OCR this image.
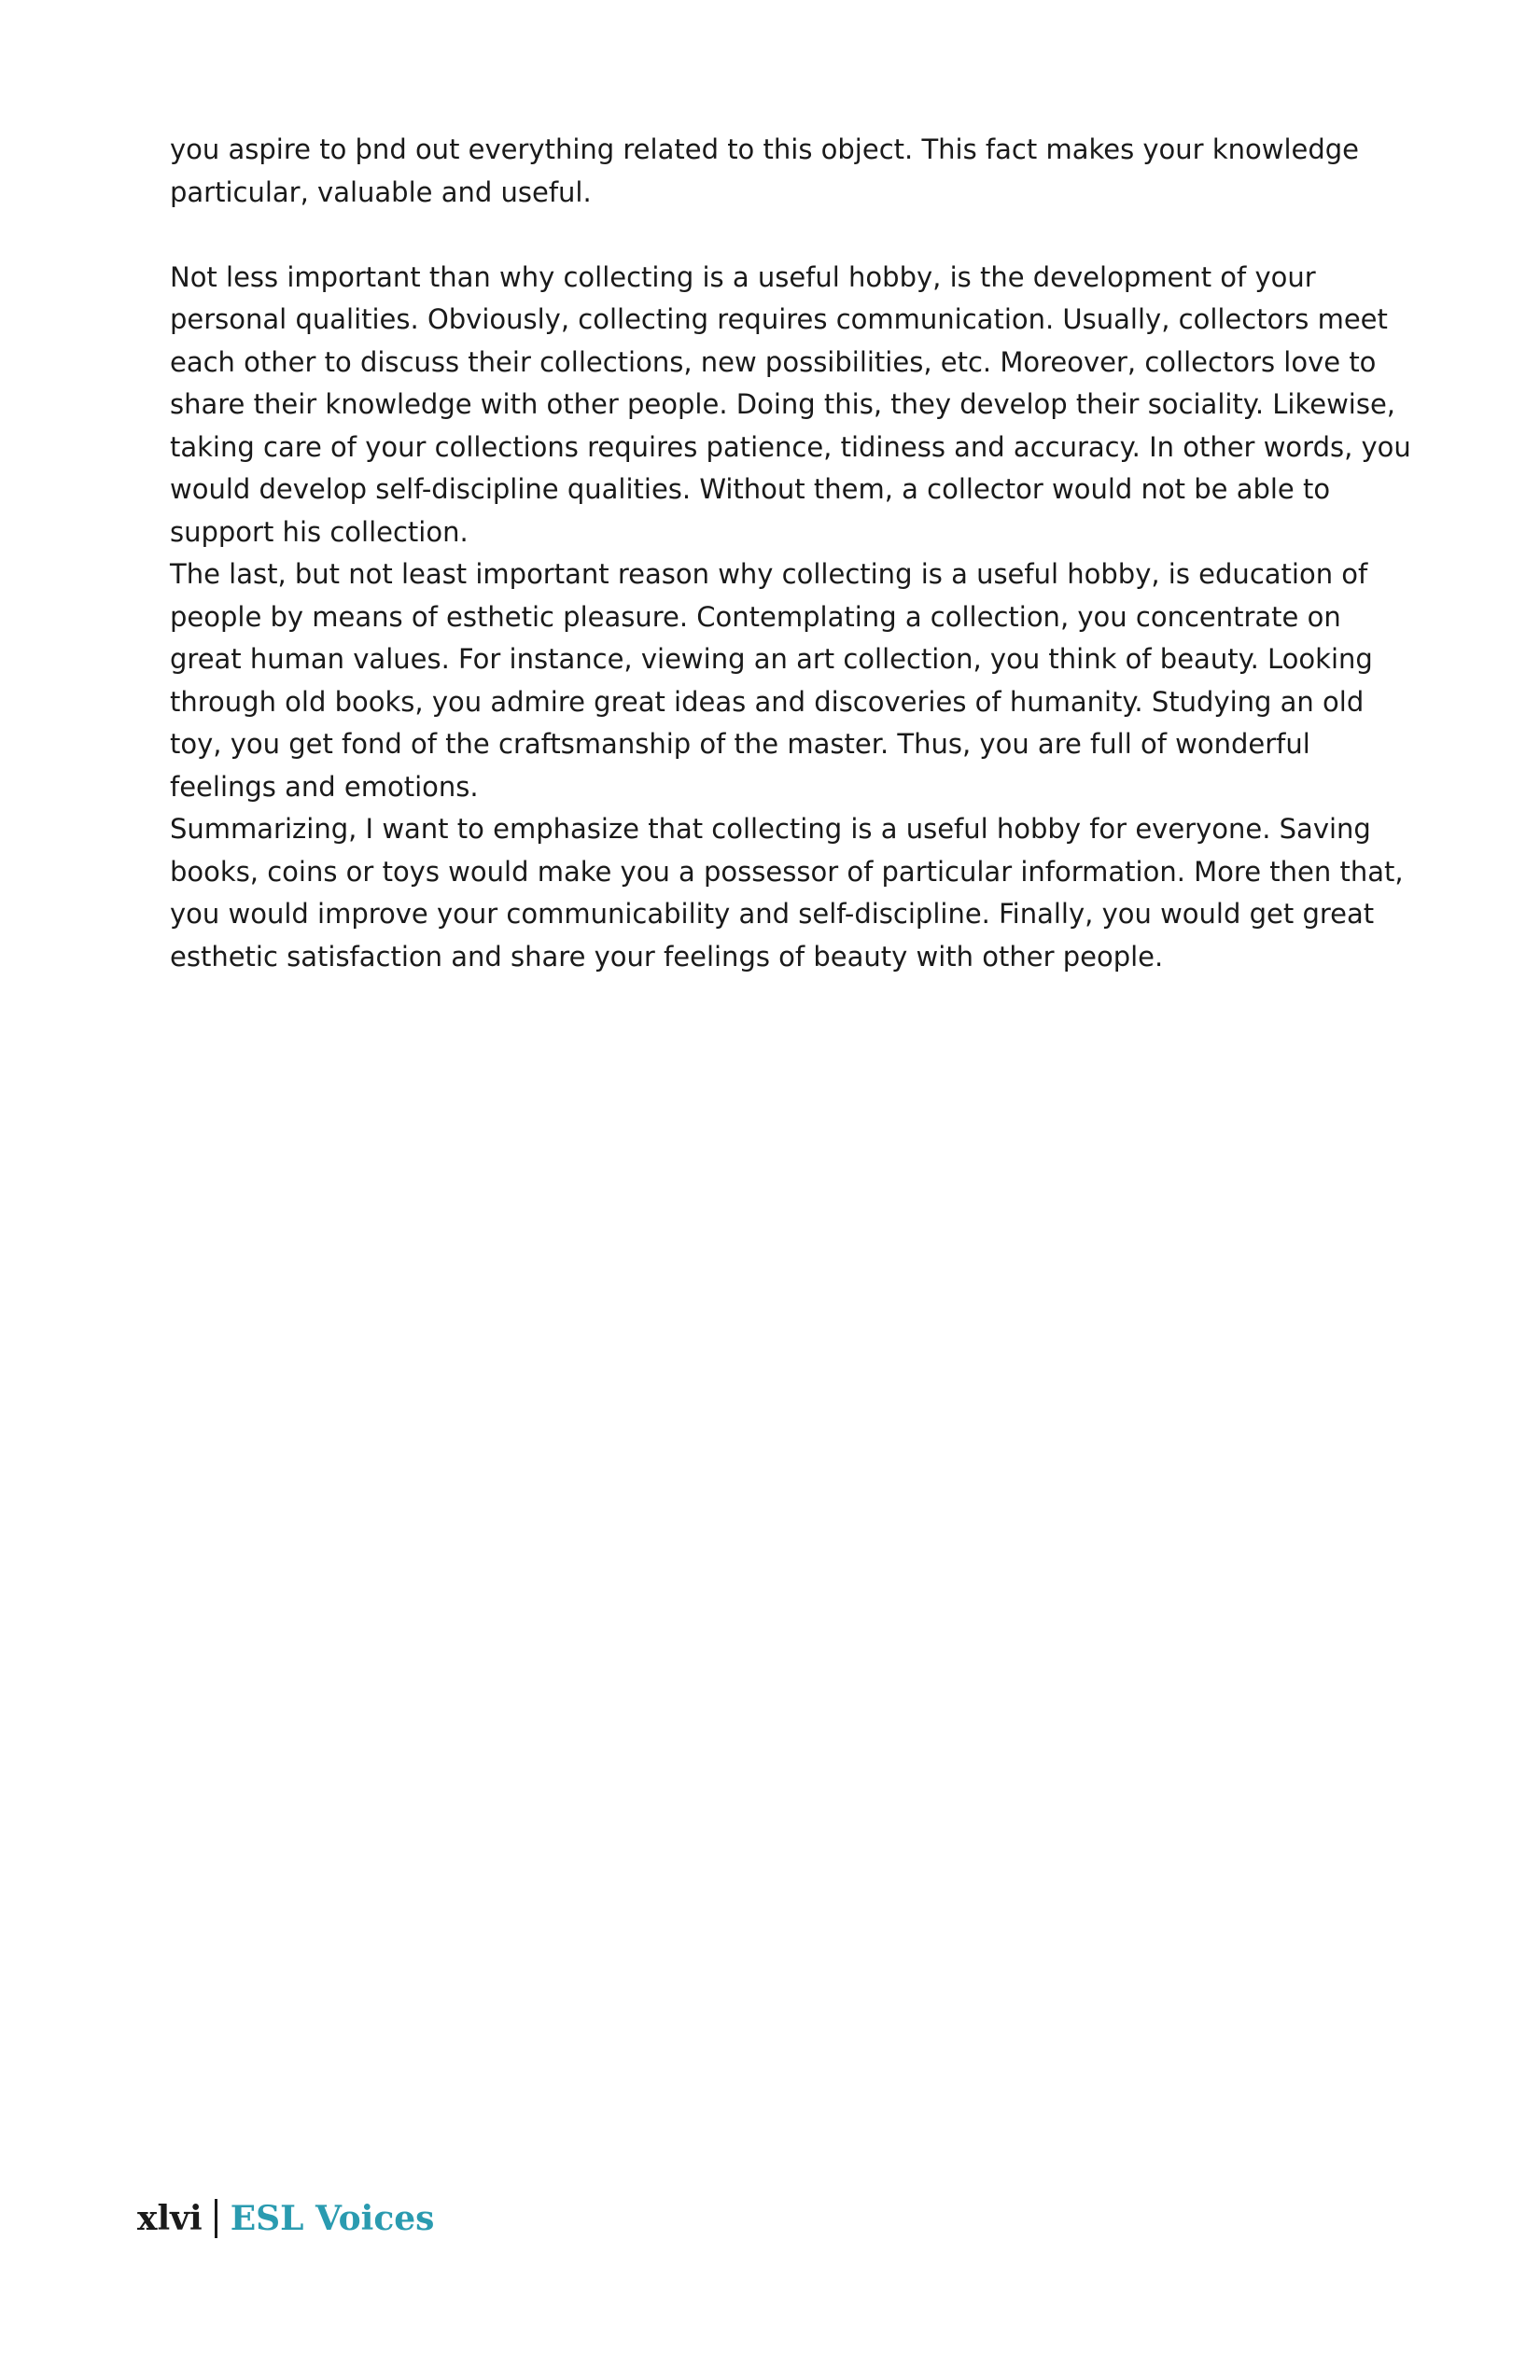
you aspire to þnd out everything related to this object. This fact makes your knowledge particular, valuable and useful.

Not less important than why collecting is a useful hobby, is the development of your personal qualities. Obviously, collecting requires communication. Usually, collectors meet each other to discuss their collections, new possibilities, etc. Moreover, collectors love to share their knowledge with other people. Doing this, they develop their sociality. Likewise, taking care of your collections requires patience, tidiness and accuracy. In other words, you would develop self-discipline qualities. Without them, a collector would not be able to support his collection.

The last, but not least important reason why collecting is a useful hobby, is education of people by means of esthetic pleasure. Contemplating a collection, you concentrate on great human values. For instance, viewing an art collection, you think of beauty. Looking through old books, you admire great ideas and discoveries of humanity. Studying an old toy, you get fond of the craftsmanship of the master. Thus, you are full of wonderful feelings and emotions.

Summarizing, I want to emphasize that collecting is a useful hobby for everyone. Saving books, coins or toys would make you a possessor of particular information. More then that, you would improve your communicability and self-discipline. Finally, you would get great esthetic satisfaction and share your feelings of beauty with other people.

xlvi ESL Voices
